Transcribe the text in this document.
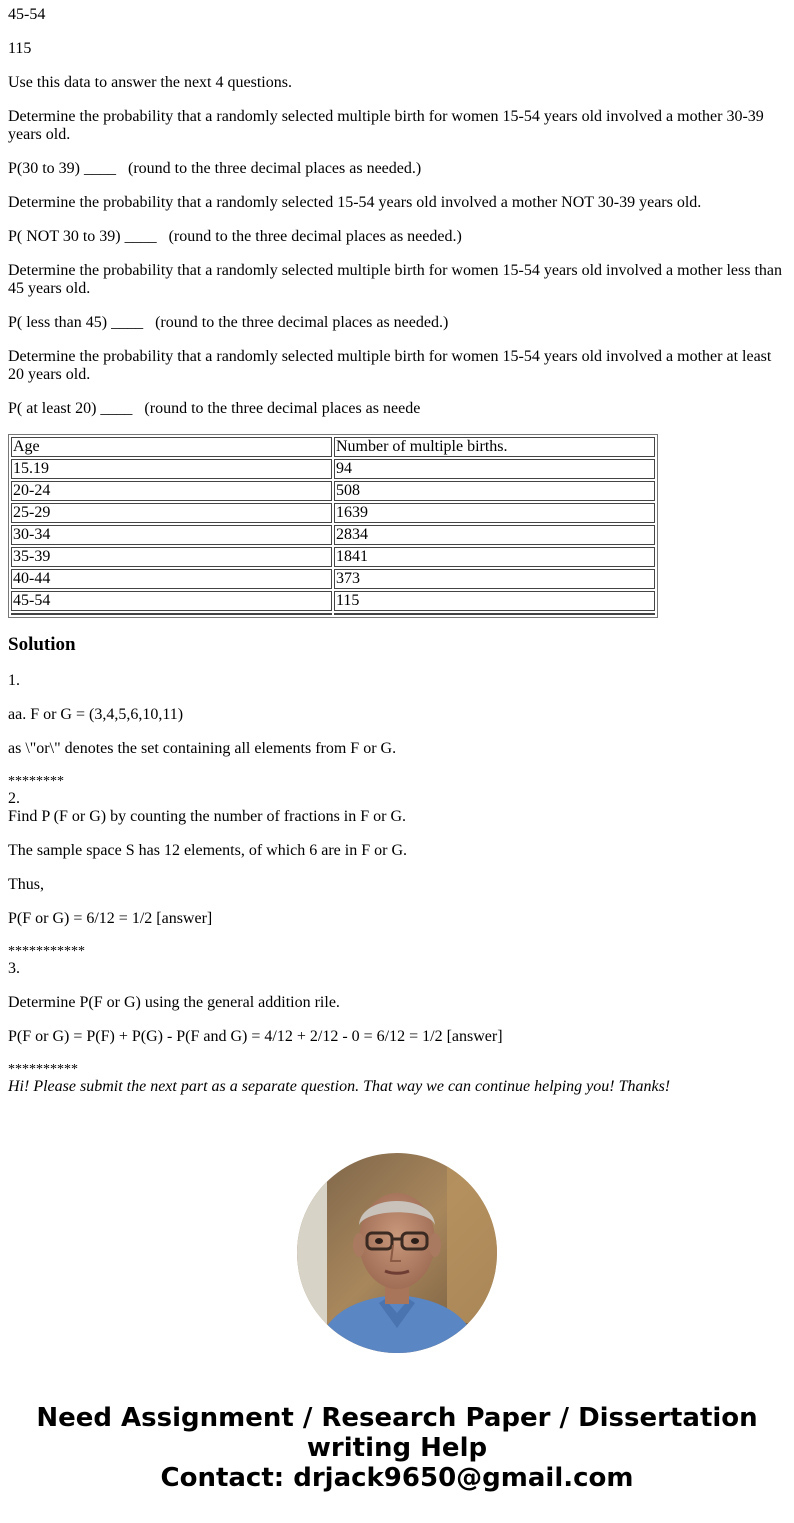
45-54

115

Use this data to answer the next 4 questions.

Determine the probability that a randomly selected multiple birth for women 15-54 years old involved a mother 30-39 years old.

P(30 to 39) ____   (round to the three decimal places as needed.)

Determine the probability that a randomly selected 15-54 years old involved a mother NOT 30-39 years old.

P( NOT 30 to 39) ____   (round to the three decimal places as needed.)

Determine the probability that a randomly selected multiple birth for women 15-54 years old involved a mother less than 45 years old.

P( less than 45) ____   (round to the three decimal places as needed.)

Determine the probability that a randomly selected multiple birth for women 15-54 years old involved a mother at least 20 years old.

P( at least 20) ____   (round to the three decimal places as neede

Age	Number of multiple births.
15.19	94
20-24	508
25-29	1639
30-34	2834
35-39	1841
40-44	373
45-54	115

Solution

1.

aa. F or G = (3,4,5,6,10,11)

as \"or\" denotes the set containing all elements from F or G.

********

2.

Find P (F or G) by counting the number of fractions in F or G.

The sample space S has 12 elements, of which 6 are in F or G.

Thus,

P(F or G) = 6/12 = 1/2 [answer]

***********

3.

Determine P(F or G) using the general addition rile.

P(F or G) = P(F) + P(G) - P(F and G) = 4/12 + 2/12 - 0 = 6/12 = 1/2 [answer]

**********

Hi! Please submit the next part as a separate question. That way we can continue helping you! Thanks!

Need Assignment / Research Paper / Dissertation
writing Help
Contact: drjack9650@gmail.com
